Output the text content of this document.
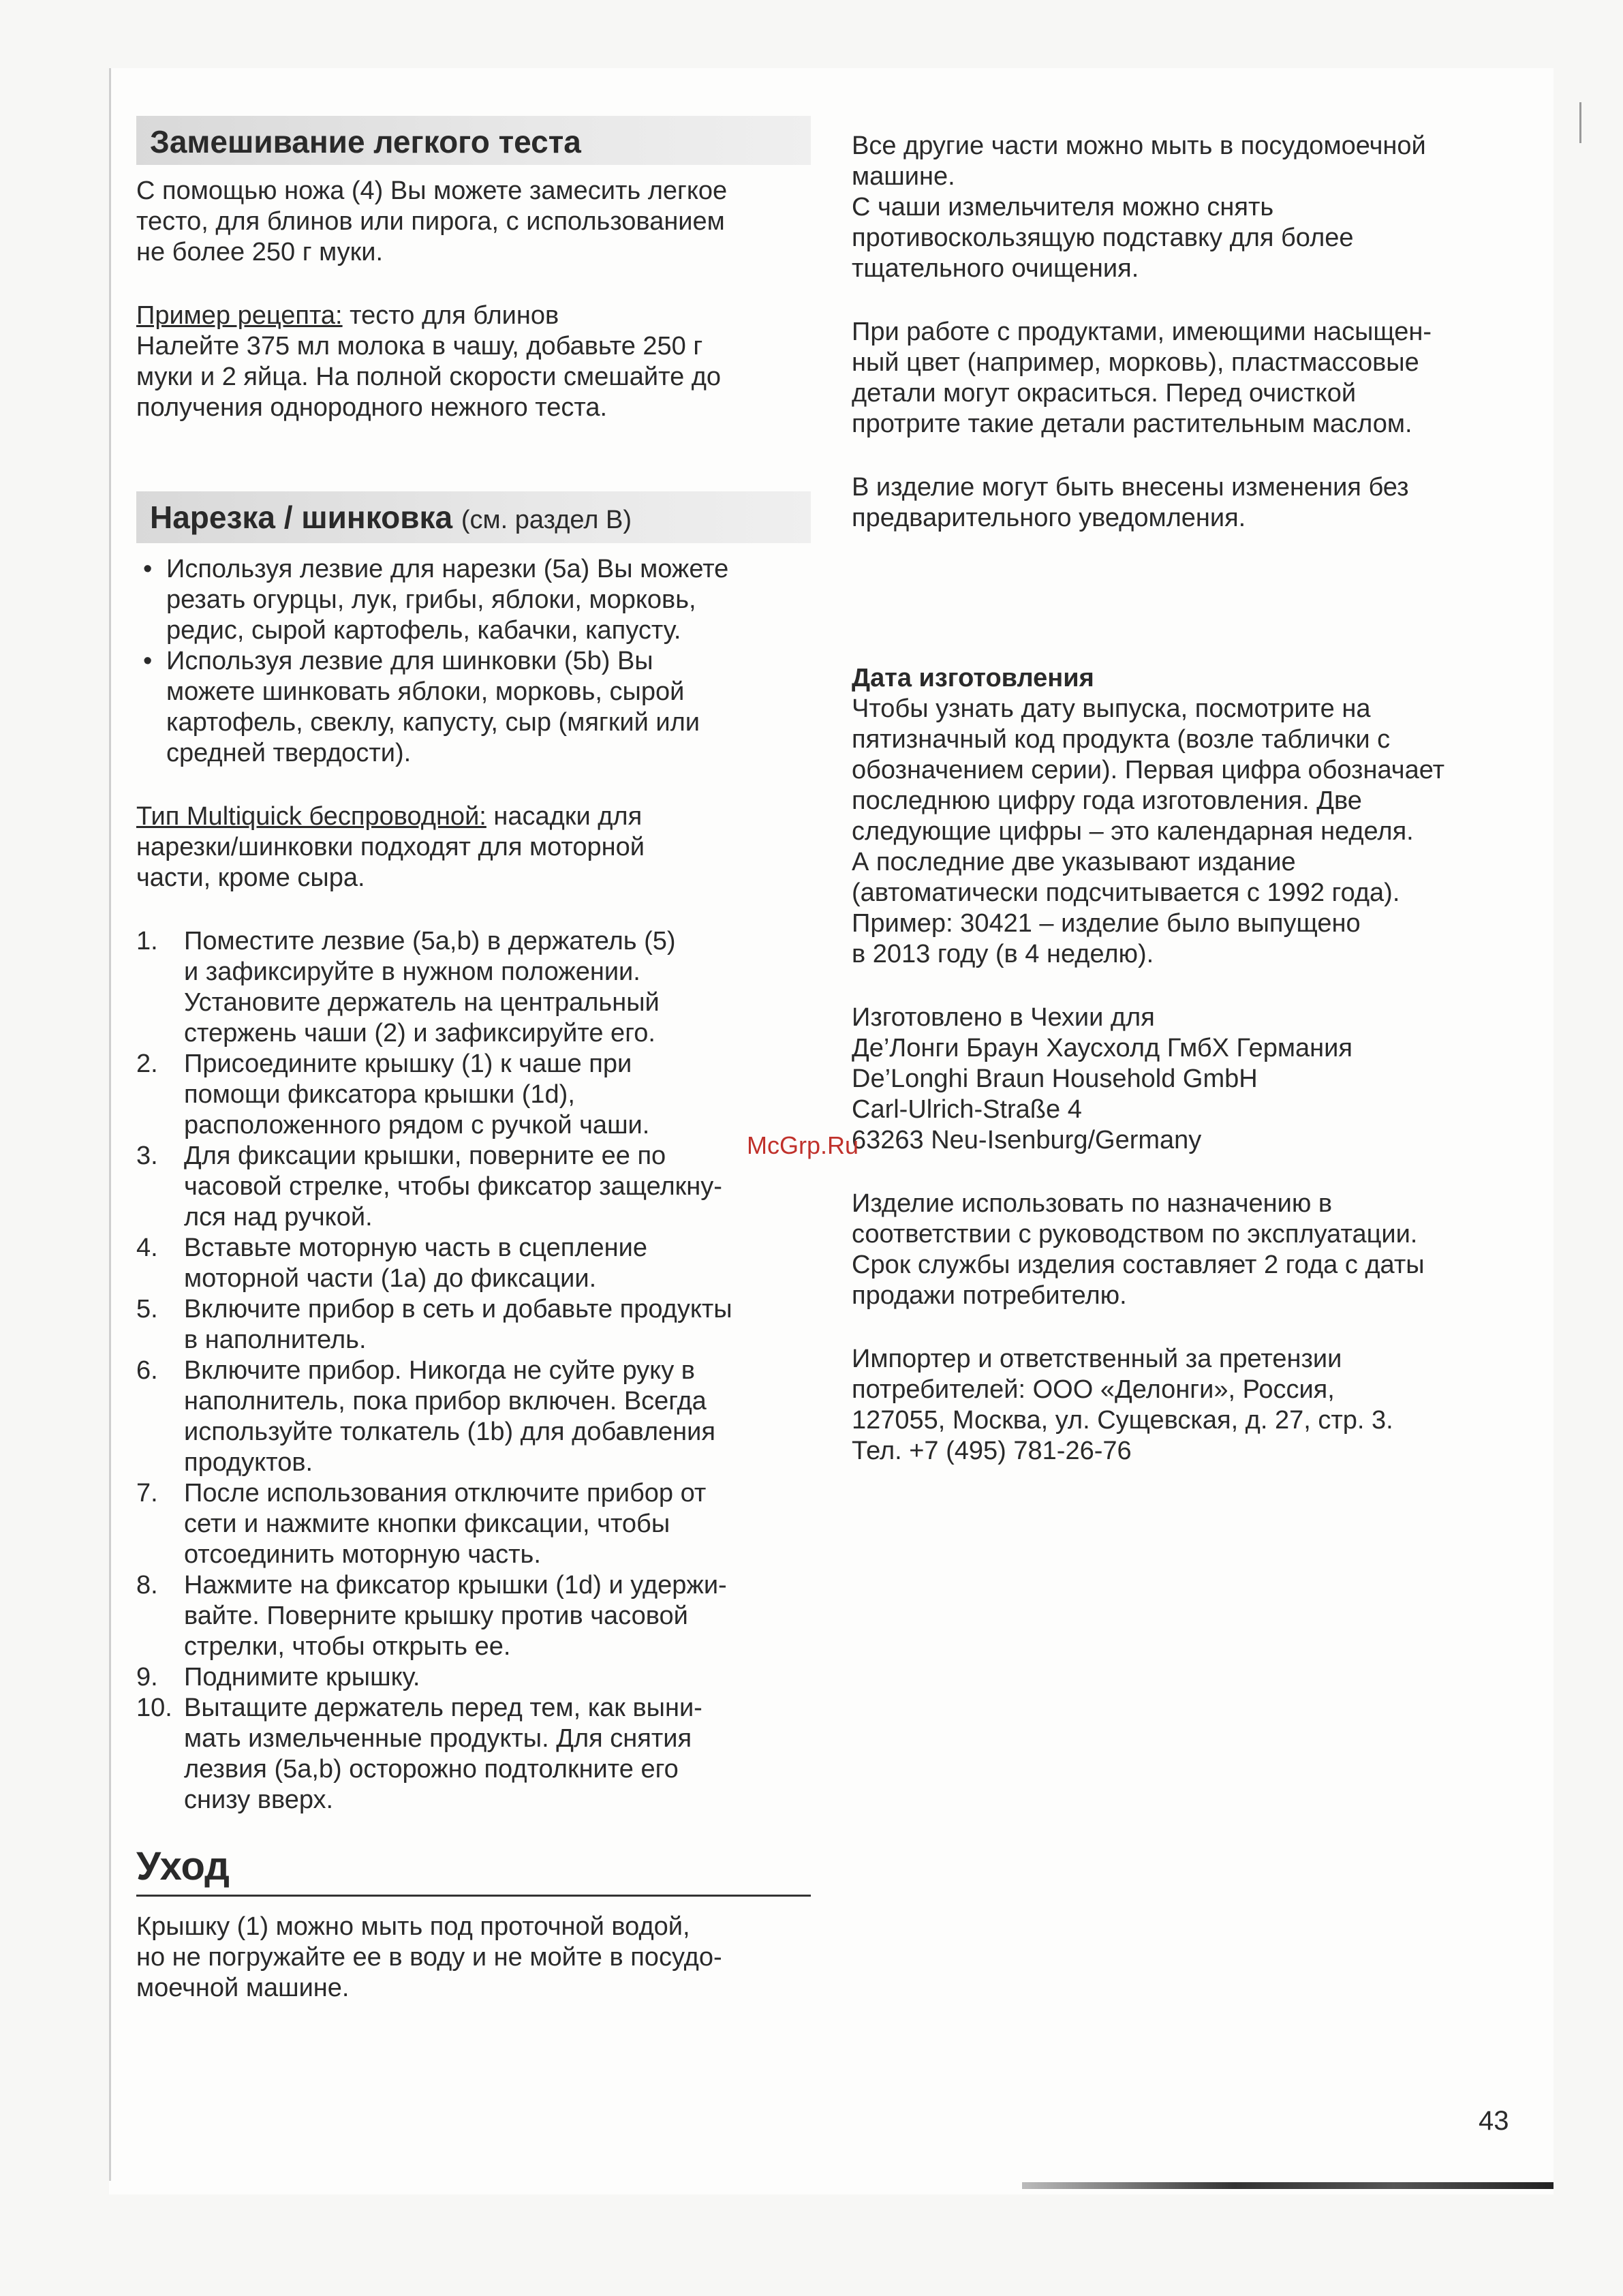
Замешивание легкого теста

С помощью ножа (4) Вы можете замесить легкое

тесто, для блинов или пирога, с использованием

не более 250 г муки.

Пример рецепта: тесто для блинов

Налейте 375 мл молока в чашу, добавьте 250 г

муки и 2 яйца. На полной скорости смешайте до

получения однородного нежного теста.

Нарезка / шинковка (см. раздел В)
• Используя лезвие для нарезки (5а) Вы можете
резать огурцы, лук, грибы, яблоки, морковь,
редис, сырой картофель, кабачки, капусту.
• Используя лезвие для шинковки (5b) Вы
можете шинковать яблоки, морковь, сырой
картофель, свеклу, капусту, сыр (мягкий или
средней твердости).

Тип Multiquick беспроводной: насадки для

нарезки/шинковки подходят для моторной

части, кроме сыра.

1.	Поместите лезвие (5a,b) в держатель (5)
и зафиксируйте в нужном положении.
Установите держатель на центральный
стержень чаши (2) и зафиксируйте его.
2.	Присоедините крышку (1) к чаше при
помощи фиксатора крышки (1d),
расположенного рядом с ручкой чаши.
3.	Для фиксации крышки, поверните ее по
часовой стрелке, чтобы фиксатор защелкну-
лся над ручкой.
4.	Вставьте моторную часть в сцепление
моторной части (1а) до фиксации.
5.	Включите прибор в сеть и добавьте продукты
в наполнитель.
6.	Включите прибор. Никогда не суйте руку в
наполнитель, пока прибор включен. Всегда
используйте толкатель (1b) для добавления
продуктов.
7.	После использования отключите прибор от
сети и нажмите кнопки фиксации, чтобы
отсоединить моторную часть.
8.	Нажмите на фиксатор крышки (1d) и удержи-
вайте. Поверните крышку против часовой
стрелки, чтобы открыть ее.
9.	Поднимите крышку.
10. Вытащите держатель перед тем, как выни-
мать измельченные продукты. Для снятия
лезвия (5a,b) осторожно подтолкните его
снизу вверх.
Уход

Крышку (1) можно мыть под проточной водой,

но не погружайте ее в воду и не мойте в посудо-

моечной машине.

Все другие части можно мыть в посудомоечной

машине.

С чаши измельчителя можно снять

противоскользящую подставку для более

тщательного очищения.

При работе с продуктами, имеющими насыщен-

ный цвет (например, морковь), пластмассовые

детали могут окраситься. Перед очисткой

протрите такие детали растительным маслом.

В изделие могут быть внесены изменения без

предварительного уведомления.

Дата изготовления

Чтобы узнать дату выпуска, посмотрите на

пятизначный код продукта (возле таблички с

обозначением серии). Первая цифра обозначает

последнюю цифру года изготовления. Две

следующие цифры – это календарная неделя.

А последние две указывают издание

(автоматически подсчитывается с 1992 года).

Пример: 30421 – изделие было выпущено

в 2013 году (в 4 неделю).

Изготовлено в Чехии для

Де’Лонги Браун Хаусхолд ГмбХ Германия

De’Longhi Braun Household GmbH

Carl-Ulrich-Straße 4

63263 Neu-Isenburg/Germany

Изделие использовать по назначению в

соответствии с руководством по эксплуатации.

Срок службы изделия составляет 2 года с даты

продажи потребителю.

Импортер и ответственный за претензии

потребителей: ООО «Делонги», Россия,

127055, Москва, ул. Сущевская, д. 27, стр. 3.

Тел. +7 (495) 781-26-76

McGrp.Ru
43
